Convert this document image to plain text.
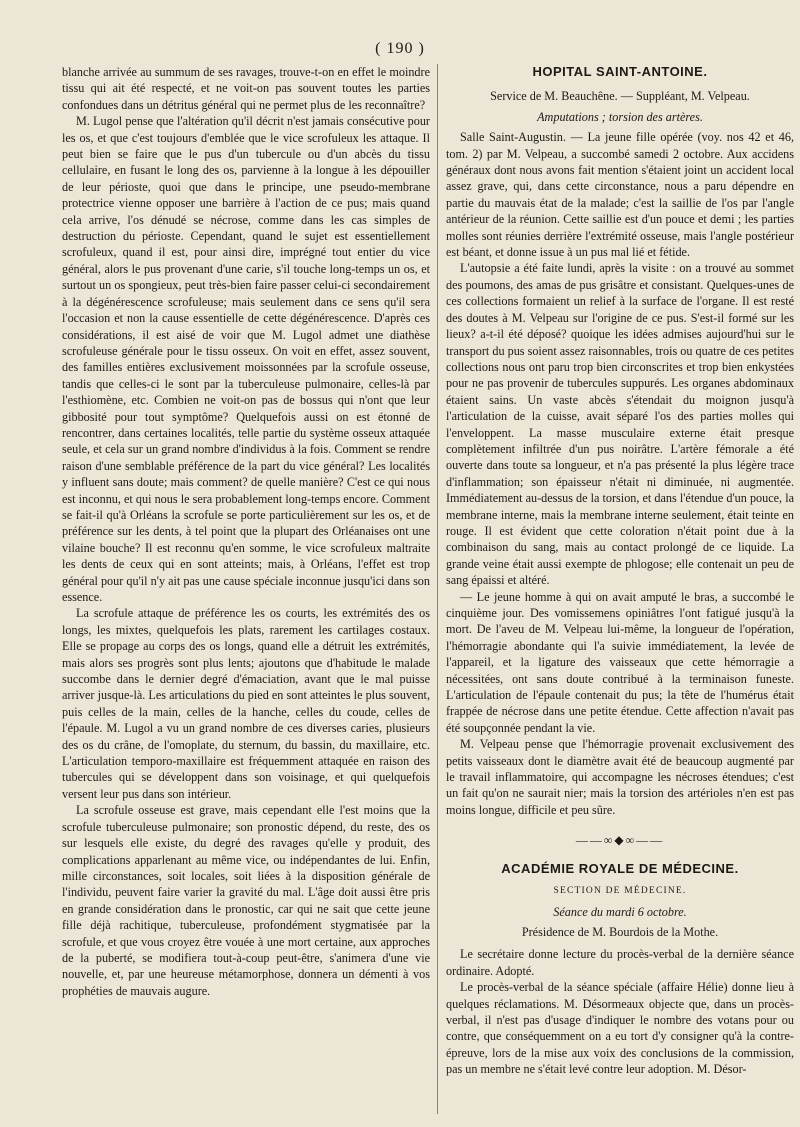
( 190 )

blanche arrivée au summum de ses ravages, trouve-t-on en effet le moindre tissu qui ait été respecté, et ne voit-on pas souvent toutes les parties confondues dans un détritus général qui ne permet plus de les reconnaître?

M. Lugol pense que l'altération qu'il décrit n'est jamais consécutive pour les os, et que c'est toujours d'emblée que le vice scrofuleux les attaque. Il peut bien se faire que le pus d'un tubercule ou d'un abcès du tissu cellulaire, en fusant le long des os, parvienne à la longue à les dépouiller de leur périoste, quoi que dans le principe, une pseudo-membrane protectrice vienne opposer une barrière à l'action de ce pus; mais quand cela arrive, l'os dénudé se nécrose, comme dans les cas simples de destruction du périoste. Cependant, quand le sujet est essentiellement scrofuleux, quand il est, pour ainsi dire, imprégné tout entier du vice général, alors le pus provenant d'une carie, s'il touche long-temps un os, et surtout un os spongieux, peut très-bien faire passer celui-ci secondairement à la dégénérescence scrofuleuse; mais seulement dans ce sens qu'il sera l'occasion et non la cause essentielle de cette dégénérescence. D'après ces considérations, il est aisé de voir que M. Lugol admet une diathèse scrofuleuse générale pour le tissu osseux. On voit en effet, assez souvent, des familles entières exclusivement moissonnées par la scrofule osseuse, tandis que celles-ci le sont par la tuberculeuse pulmonaire, celles-là par l'esthiomène, etc. Combien ne voit-on pas de bossus qui n'ont que leur gibbosité pour tout symptôme? Quelquefois aussi on est étonné de rencontrer, dans certaines localités, telle partie du système osseux attaquée seule, et cela sur un grand nombre d'individus à la fois. Comment se rendre raison d'une semblable préférence de la part du vice général? Les localités y influent sans doute; mais comment? de quelle manière? C'est ce qui nous est inconnu, et qui nous le sera probablement long-temps encore. Comment se fait-il qu'à Orléans la scrofule se porte particulièrement sur les os, et de préférence sur les dents, à tel point que la plupart des Orléanaises ont une vilaine bouche? Il est reconnu qu'en somme, le vice scrofuleux maltraite les dents de ceux qui en sont atteints; mais, à Orléans, l'effet est trop général pour qu'il n'y ait pas une cause spéciale inconnue jusqu'ici dans son essence.

La scrofule attaque de préférence les os courts, les extrémités des os longs, les mixtes, quelquefois les plats, rarement les cartilages costaux. Elle se propage au corps des os longs, quand elle a détruit les extrémités, mais alors ses progrès sont plus lents; ajoutons que d'habitude le malade succombe dans le dernier degré d'émaciation, avant que le mal puisse arriver jusque-là. Les articulations du pied en sont atteintes le plus souvent, puis celles de la main, celles de la hanche, celles du coude, celles de l'épaule. M. Lugol a vu un grand nombre de ces diverses caries, plusieurs des os du crâne, de l'omoplate, du sternum, du bassin, du maxillaire, etc. L'articulation temporo-maxillaire est fréquemment attaquée en raison des tubercules qui se développent dans son voisinage, et qui quelquefois versent leur pus dans son intérieur.

La scrofule osseuse est grave, mais cependant elle l'est moins que la scrofule tuberculeuse pulmonaire; son pronostic dépend, du reste, des os sur lesquels elle existe, du degré des ravages qu'elle y produit, des complications apparlenant au même vice, ou indépendantes de lui. Enfin, mille circonstances, soit locales, soit liées à la disposition générale de l'individu, peuvent faire varier la gravité du mal. L'âge doit aussi être pris en grande considération dans le pronostic, car qui ne sait que cette jeune fille déjà rachitique, tuberculeuse, profondément stygmatisée par la scrofule, et que vous croyez être vouée à une mort certaine, aux approches de la puberté, se modifiera tout-à-coup peut-être, s'animera d'une vie nouvelle, et, par une heureuse métamorphose, donnera un démenti à vos prophéties de mauvais augure.

HOPITAL SAINT-ANTOINE.
Service de M. Beauchêne. — Suppléant, M. Velpeau.
Amputations ; torsion des artères.

Salle Saint-Augustin. — La jeune fille opérée (voy. nos 42 et 46, tom. 2) par M. Velpeau, a succombé samedi 2 octobre. Aux accidens généraux dont nous avons fait mention s'étaient joint un accident local assez grave, qui, dans cette circonstance, nous a paru dépendre en partie du mauvais état de la malade; c'est la saillie de l'os par l'angle antérieur de la réunion. Cette saillie est d'un pouce et demi ; les parties molles sont réunies derrière l'extrémité osseuse, mais l'angle postérieur est béant, et donne issue à un pus mal lié et fétide.

L'autopsie a été faite lundi, après la visite : on a trouvé au sommet des poumons, des amas de pus grisâtre et consistant. Quelques-unes de ces collections formaient un relief à la surface de l'organe. Il est resté des doutes à M. Velpeau sur l'origine de ce pus. S'est-il formé sur les lieux? a-t-il été déposé? quoique les idées admises aujourd'hui sur le transport du pus soient assez raisonnables, trois ou quatre de ces petites collections nous ont paru trop bien circonscrites et trop bien enkystées pour ne pas provenir de tubercules suppurés. Les organes abdominaux étaient sains. Un vaste abcès s'étendait du moignon jusqu'à l'articulation de la cuisse, avait séparé l'os des parties molles qui l'enveloppent. La masse musculaire externe était presque complètement infiltrée d'un pus noirâtre. L'artère fémorale a été ouverte dans toute sa longueur, et n'a pas présenté la plus légère trace d'inflammation; son épaisseur n'était ni diminuée, ni augmentée. Immédiatement au-dessus de la torsion, et dans l'étendue d'un pouce, la membrane interne, mais la membrane interne seulement, était teinte en rouge. Il est évident que cette coloration n'était point due à la combinaison du sang, mais au contact prolongé de ce liquide. La grande veine était aussi exempte de phlogose; elle contenait un peu de sang épaissi et altéré.

— Le jeune homme à qui on avait amputé le bras, a succombé le cinquième jour. Des vomissemens opiniâtres l'ont fatigué jusqu'à la mort. De l'aveu de M. Velpeau lui-même, la longueur de l'opération, l'hémorragie abondante qui l'a suivie immédiatement, la levée de l'appareil, et la ligature des vaisseaux que cette hémorragie a nécessitées, ont sans doute contribué à la terminaison funeste. L'articulation de l'épaule contenait du pus; la tête de l'humérus était frappée de nécrose dans une petite étendue. Cette affection n'avait pas été soupçonnée pendant la vie.

M. Velpeau pense que l'hémorragie provenait exclusivement des petits vaisseaux dont le diamètre avait été de beaucoup augmenté par le travail inflammatoire, qui accompagne les nécroses étendues; c'est un fait qu'on ne saurait nier; mais la torsion des artérioles n'en est pas moins longue, difficile et peu sûre.

——∞◆∞——
ACADÉMIE ROYALE DE MÉDECINE.
SECTION DE MÉDECINE.
Séance du mardi 6 octobre.
Présidence de M. Bourdois de la Mothe.

Le secrétaire donne lecture du procès-verbal de la dernière séance ordinaire. Adopté.

Le procès-verbal de la séance spéciale (affaire Hélie) donne lieu à quelques réclamations. M. Désormeaux objecte que, dans un procès-verbal, il n'est pas d'usage d'indiquer le nombre des votans pour ou contre, que conséquemment on a eu tort d'y consigner qu'à la contre-épreuve, lors de la mise aux voix des conclusions de la commission, pas un membre ne s'était levé contre leur adoption. M. Désor-
